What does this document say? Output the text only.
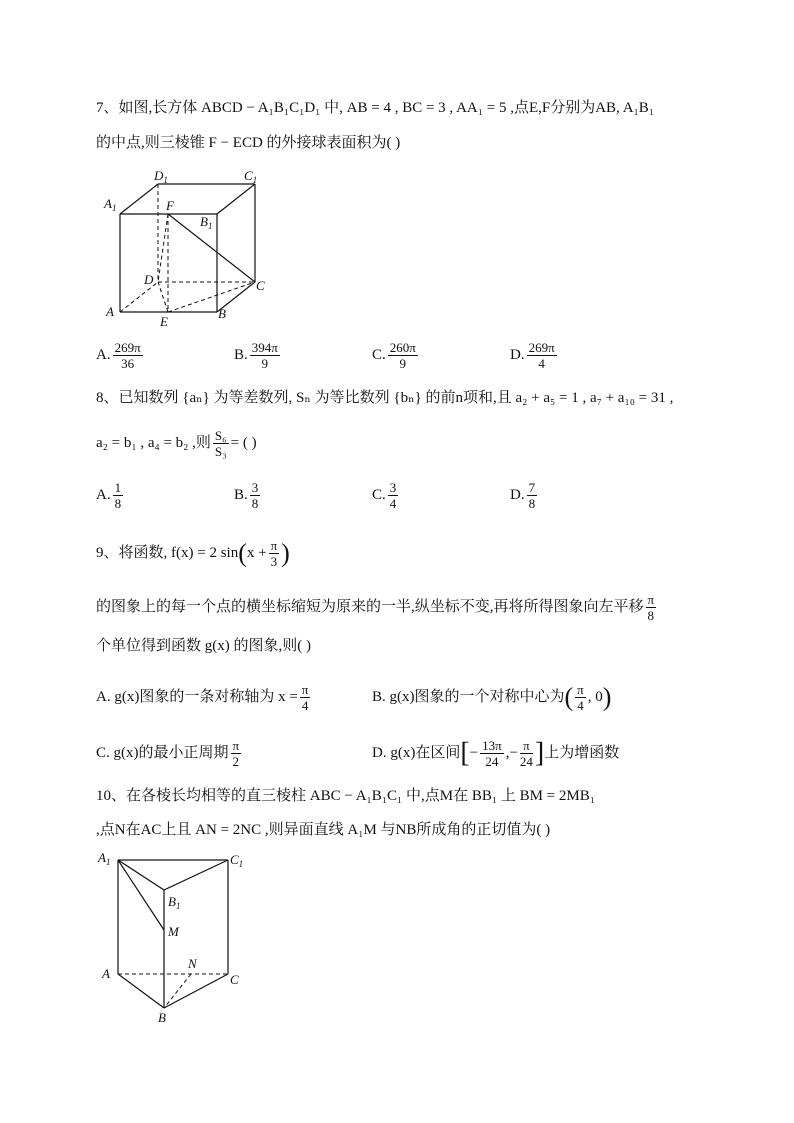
7、如图,长方体 ABCD − A₁B₁C₁D₁ 中, AB = 4 , BC = 3 , AA₁ = 5 ,点E,F分别为AB, A₁B₁
的中点,则三棱锥 F − ECD 的外接球表面积为( )
$D_1$	$C_1$
$A_1$	F
$B_1$
D	C
A
E
B
A. $\frac{269\pi}{36}$	B. $\frac{394\pi}{9}$	C. $\frac{260\pi}{9}$	D. $\frac{269\pi}{4}$
8、已知数列 {aₙ} 为等差数列, Sₙ 为等比数列 {bₙ} 的前n项和,且 a₂ + a₅ = 1 , a₇ + a₁₀ = 31 ,
a₂ = b₁ , a₄ = b₂ ,则 $\frac{\text{S₆}}{\text{S₃}}$ = ( )
A. $\frac{1}{8}$	B. $\frac{3}{8}$	C. $\frac{3}{4}$	D. $\frac{7}{8}$
9、将函数, f(x) = 2 $\sin(x + \frac{\pi}{3}$ )
的图象上的每一个点的横坐标缩短为原来的一半,纵坐标不变,再将所得图象向左平移 $\frac{\pi}{8}$
个单位得到函数 g(x) 的图象,则( )
A. g(x)图象的一条对称轴为 $x = \frac{\pi}{4}$	B. g(x)图象的一个对称中心为( $\frac{\pi}{4}$ , 0)
C. g(x)的最小正周期 $\frac{\pi}{2}$	D. g(x)在区间[− $\frac{13\pi}{24}$ ,− $\frac{\pi}{24}$ ]上为增函数
10、在各棱长均相等的直三棱柱 ABC − A₁B₁C₁ 中,点M在 BB₁ 上 BM = 2MB₁
,点N在AC上且 AN = 2NC ,则异面直线 A₁M 与NB所成角的正切值为( )
$A_1$	$C_1$
$B_1$
M
N
A	C
B
